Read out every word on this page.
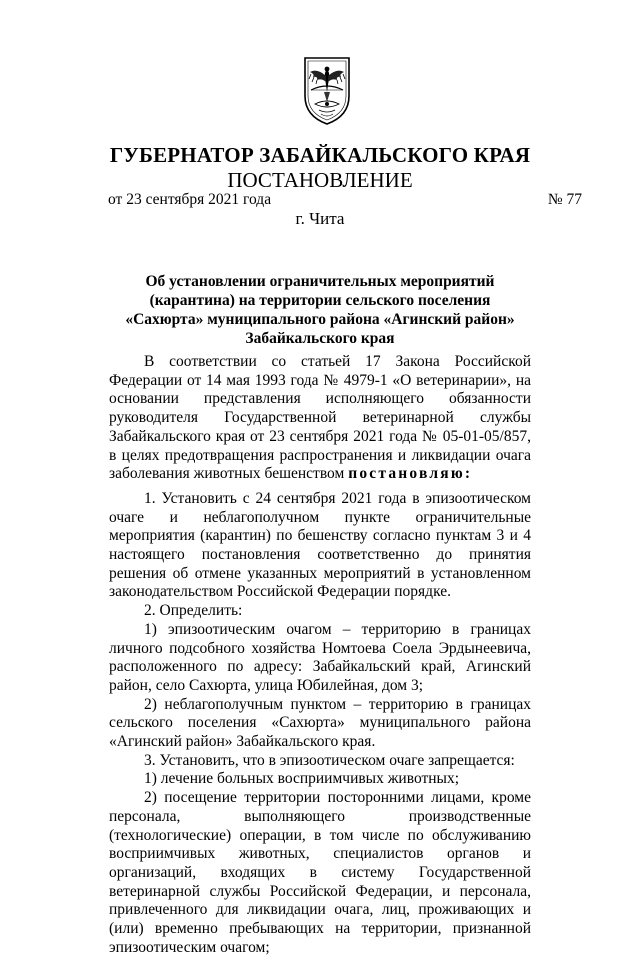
ГУБЕРНАТОР ЗАБАЙКАЛЬСКОГО КРАЯ
ПОСТАНОВЛЕНИЕ
от 23 сентября 2021 года	№ 77
г. Чита
Об установлении ограничительных мероприятий (карантина) на территории сельского поселения «Сахюрта» муниципального района «Агинский район» Забайкальского края

В соответствии со статьей 17 Закона Российской Федерации от 14 мая 1993 года № 4979-1 «О ветеринарии», на основании представления исполняющего обязанности руководителя Государственной ветеринарной службы Забайкальского края от 23 сентября 2021 года № 05-01-05/857, в целях предотвращения распространения и ликвидации очага заболевания животных бешенством постановляю:

1. Установить с 24 сентября 2021 года в эпизоотическом очаге и неблагополучном пункте ограничительные мероприятия (карантин) по бешенству согласно пунктам 3 и 4 настоящего постановления соответственно до принятия решения об отмене указанных мероприятий в установленном законодательством Российской Федерации порядке.

2. Определить:

1) эпизоотическим очагом – территорию в границах личного подсобного хозяйства Номтоева Соела Эрдынеевича, расположенного по адресу: Забайкальский край, Агинский район, село Сахюрта, улица Юбилейная, дом 3;

2) неблагополучным пунктом – территорию в границах сельского поселения «Сахюрта» муниципального района «Агинский район» Забайкальского края.

3. Установить, что в эпизоотическом очаге запрещается:

1) лечение больных восприимчивых животных;

2) посещение территории посторонними лицами, кроме персонала, выполняющего производственные (технологические) операции, в том числе по обслуживанию восприимчивых животных, специалистов органов и организаций, входящих в систему Государственной ветеринарной службы Российской Федерации, и персонала, привлеченного для ликвидации очага, лиц, проживающих и (или) временно пребывающих на территории, признанной эпизоотическим очагом;
